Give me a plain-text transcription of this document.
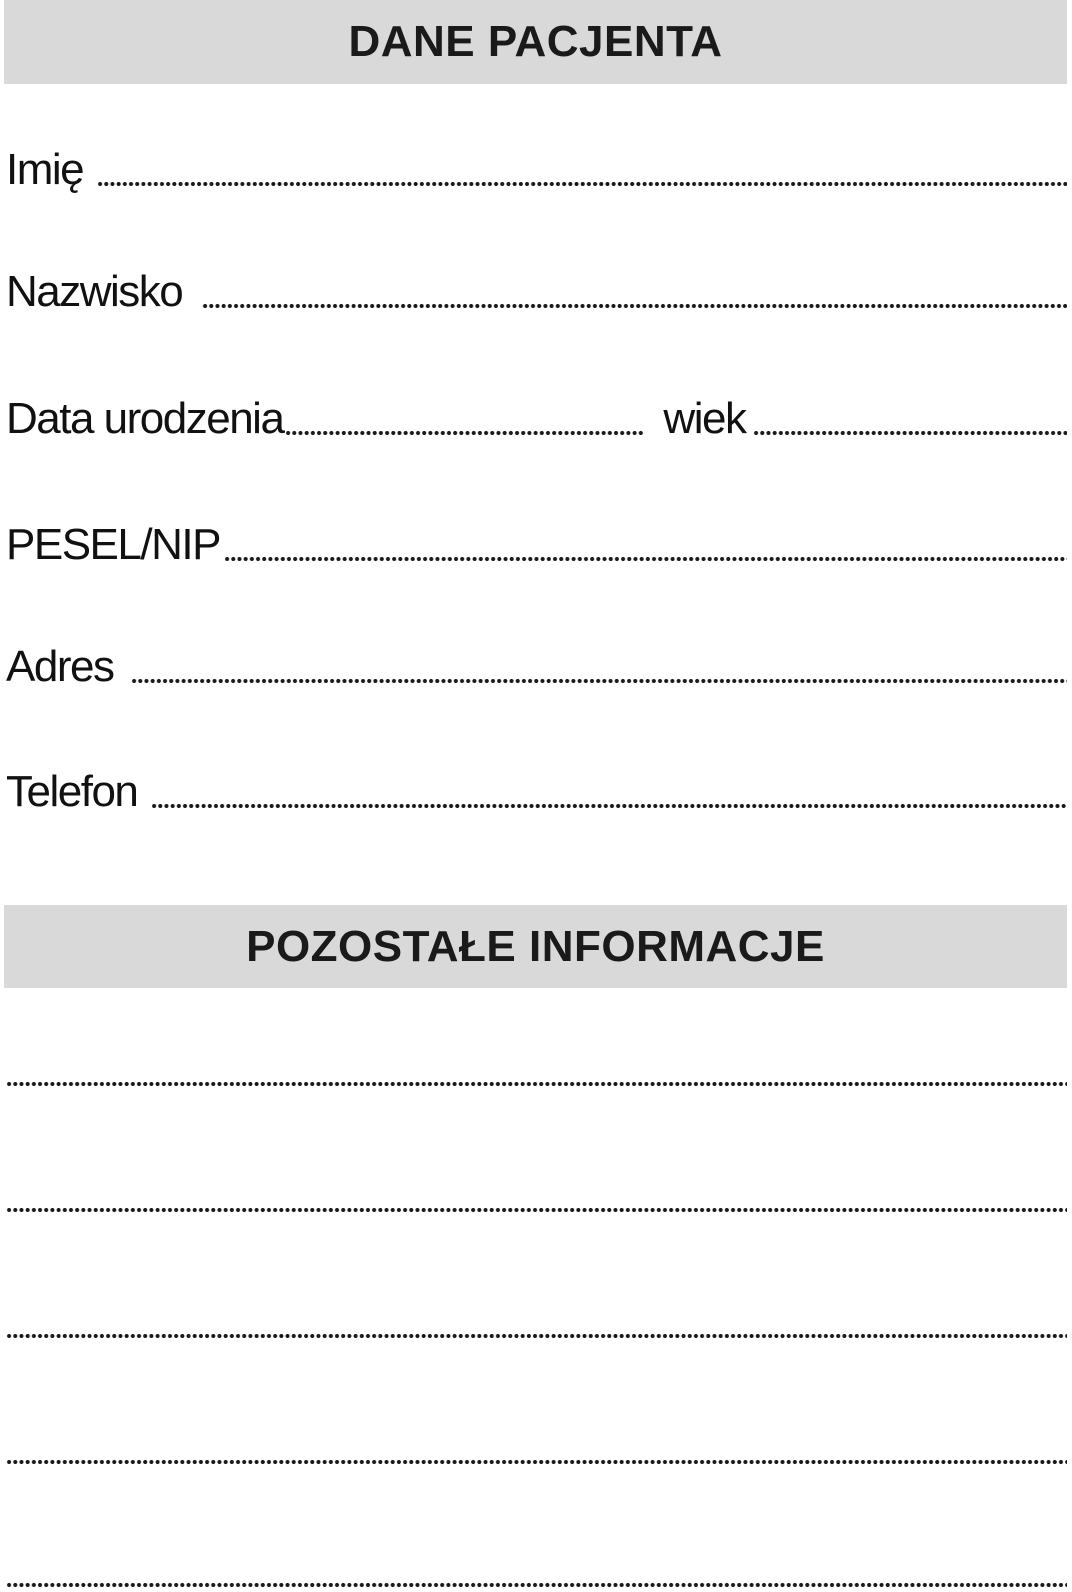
DANE PACJENTA
Imię
Nazwisko
Data urodzenia	wiek
PESEL/NIP
Adres
Telefon
POZOSTAŁE INFORMACJE
